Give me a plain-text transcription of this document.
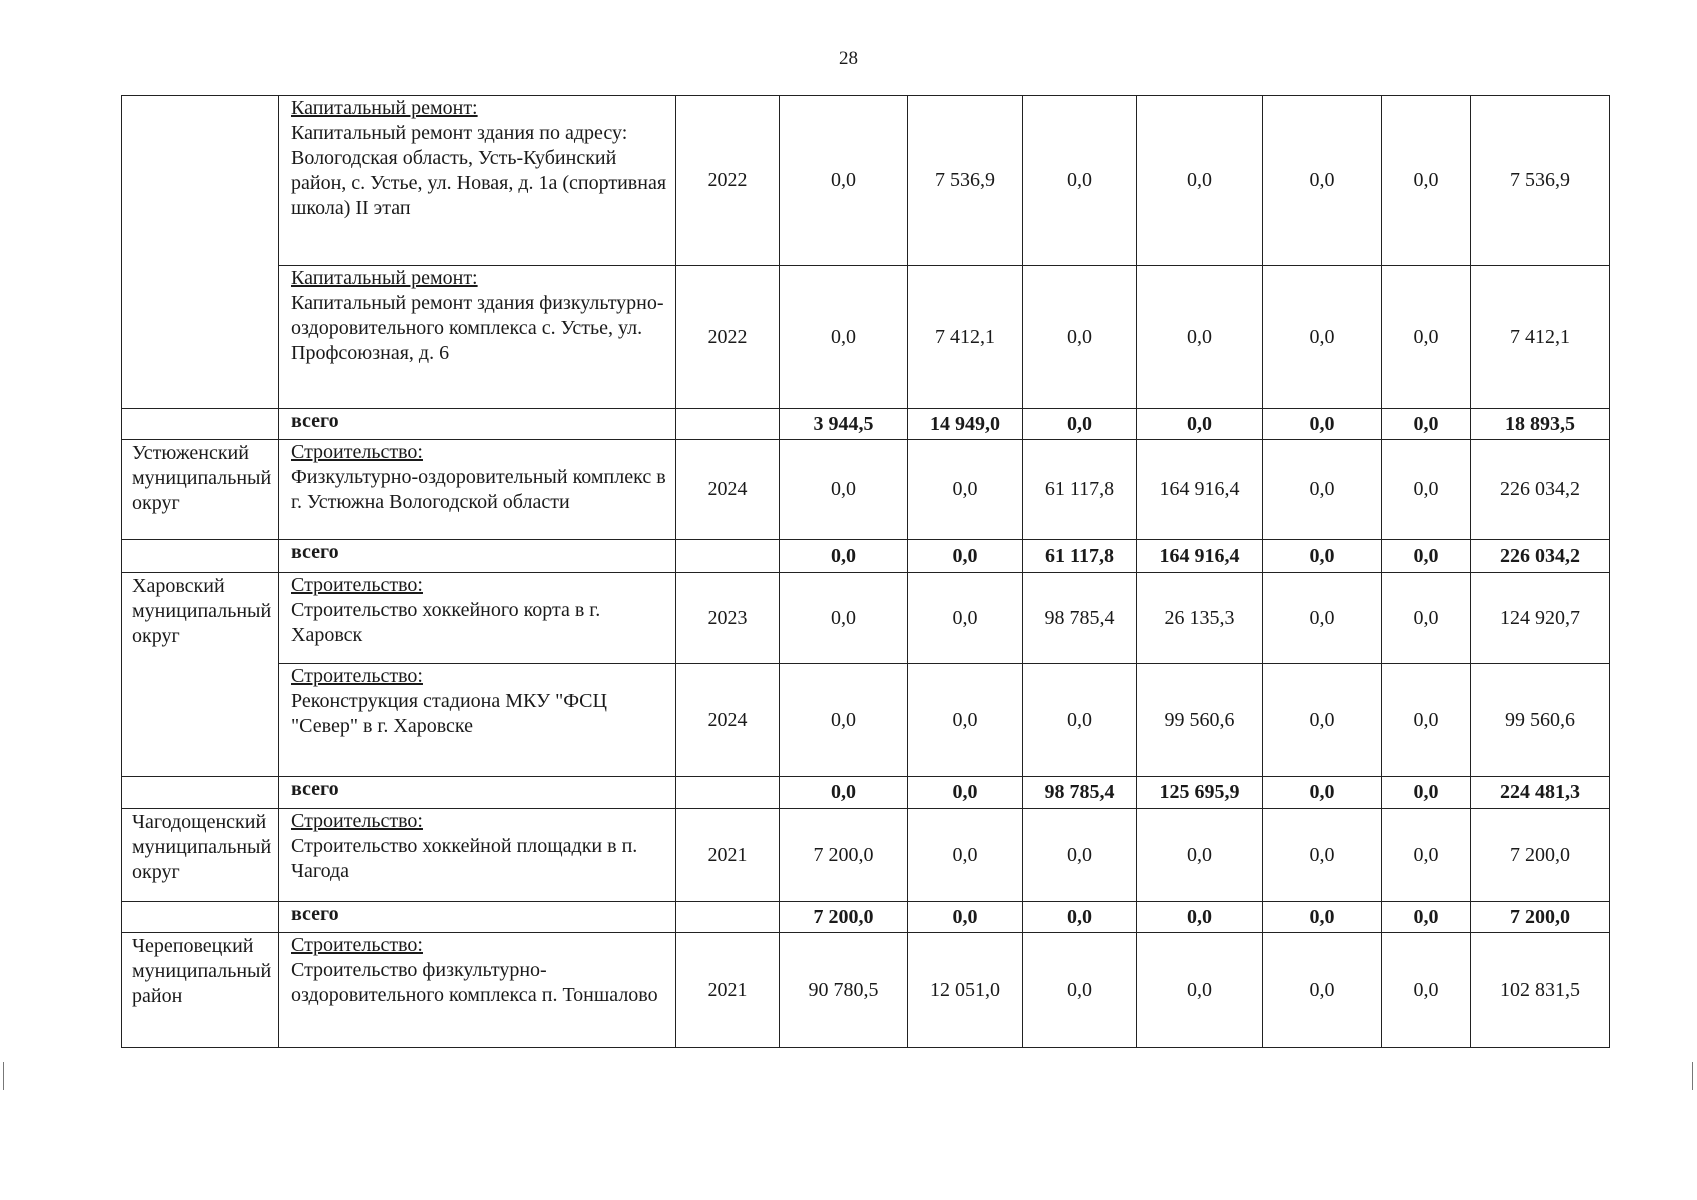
28

	Капитальный ремонт:
Капитальный ремонт здания по адресу: Вологодская область, Усть-Кубинский район, с. Устье, ул. Новая, д. 1а (спортивная школа) II этап	2022	0,0	7 536,9	0,0	0,0	0,0	0,0	7 536,9

	Капитальный ремонт:
Капитальный ремонт здания физкультурно-оздоровительного комплекса с. Устье, ул. Профсоюзная, д. 6	2022	0,0	7 412,1	0,0	0,0	0,0	0,0	7 412,1
	всего		3 944,5	14 949,0	0,0	0,0	0,0	0,0	18 893,5
Устюженский муниципальный округ	Строительство:
Физкультурно-оздоровительный комплекс в г. Устюжна Вологодской области	2024	0,0	0,0	61 117,8	164 916,4	0,0	0,0	226 034,2
	всего		0,0	0,0	61 117,8	164 916,4	0,0	0,0	226 034,2
Харовский муниципальный округ	Строительство:
Строительство хоккейного корта в г. Харовск	2023	0,0	0,0	98 785,4	26 135,3	0,0	0,0	124 920,7

	Строительство:
Реконструкция стадиона МКУ "ФСЦ "Север" в г. Харовске	2024	0,0	0,0	0,0	99 560,6	0,0	0,0	99 560,6
	всего		0,0	0,0	98 785,4	125 695,9	0,0	0,0	224 481,3

Чагодощенский муниципальный округ	Строительство:
Строительство хоккейной площадки в п. Чагода	2021	7 200,0	0,0	0,0	0,0	0,0	0,0	7 200,0
	всего		7 200,0	0,0	0,0	0,0	0,0	0,0	7 200,0
Череповецкий муниципальный район	Строительство:
Строительство физкультурно-оздоровительного комплекса п. Тоншалово	2021	90 780,5	12 051,0	0,0	0,0	0,0	0,0	102 831,5
